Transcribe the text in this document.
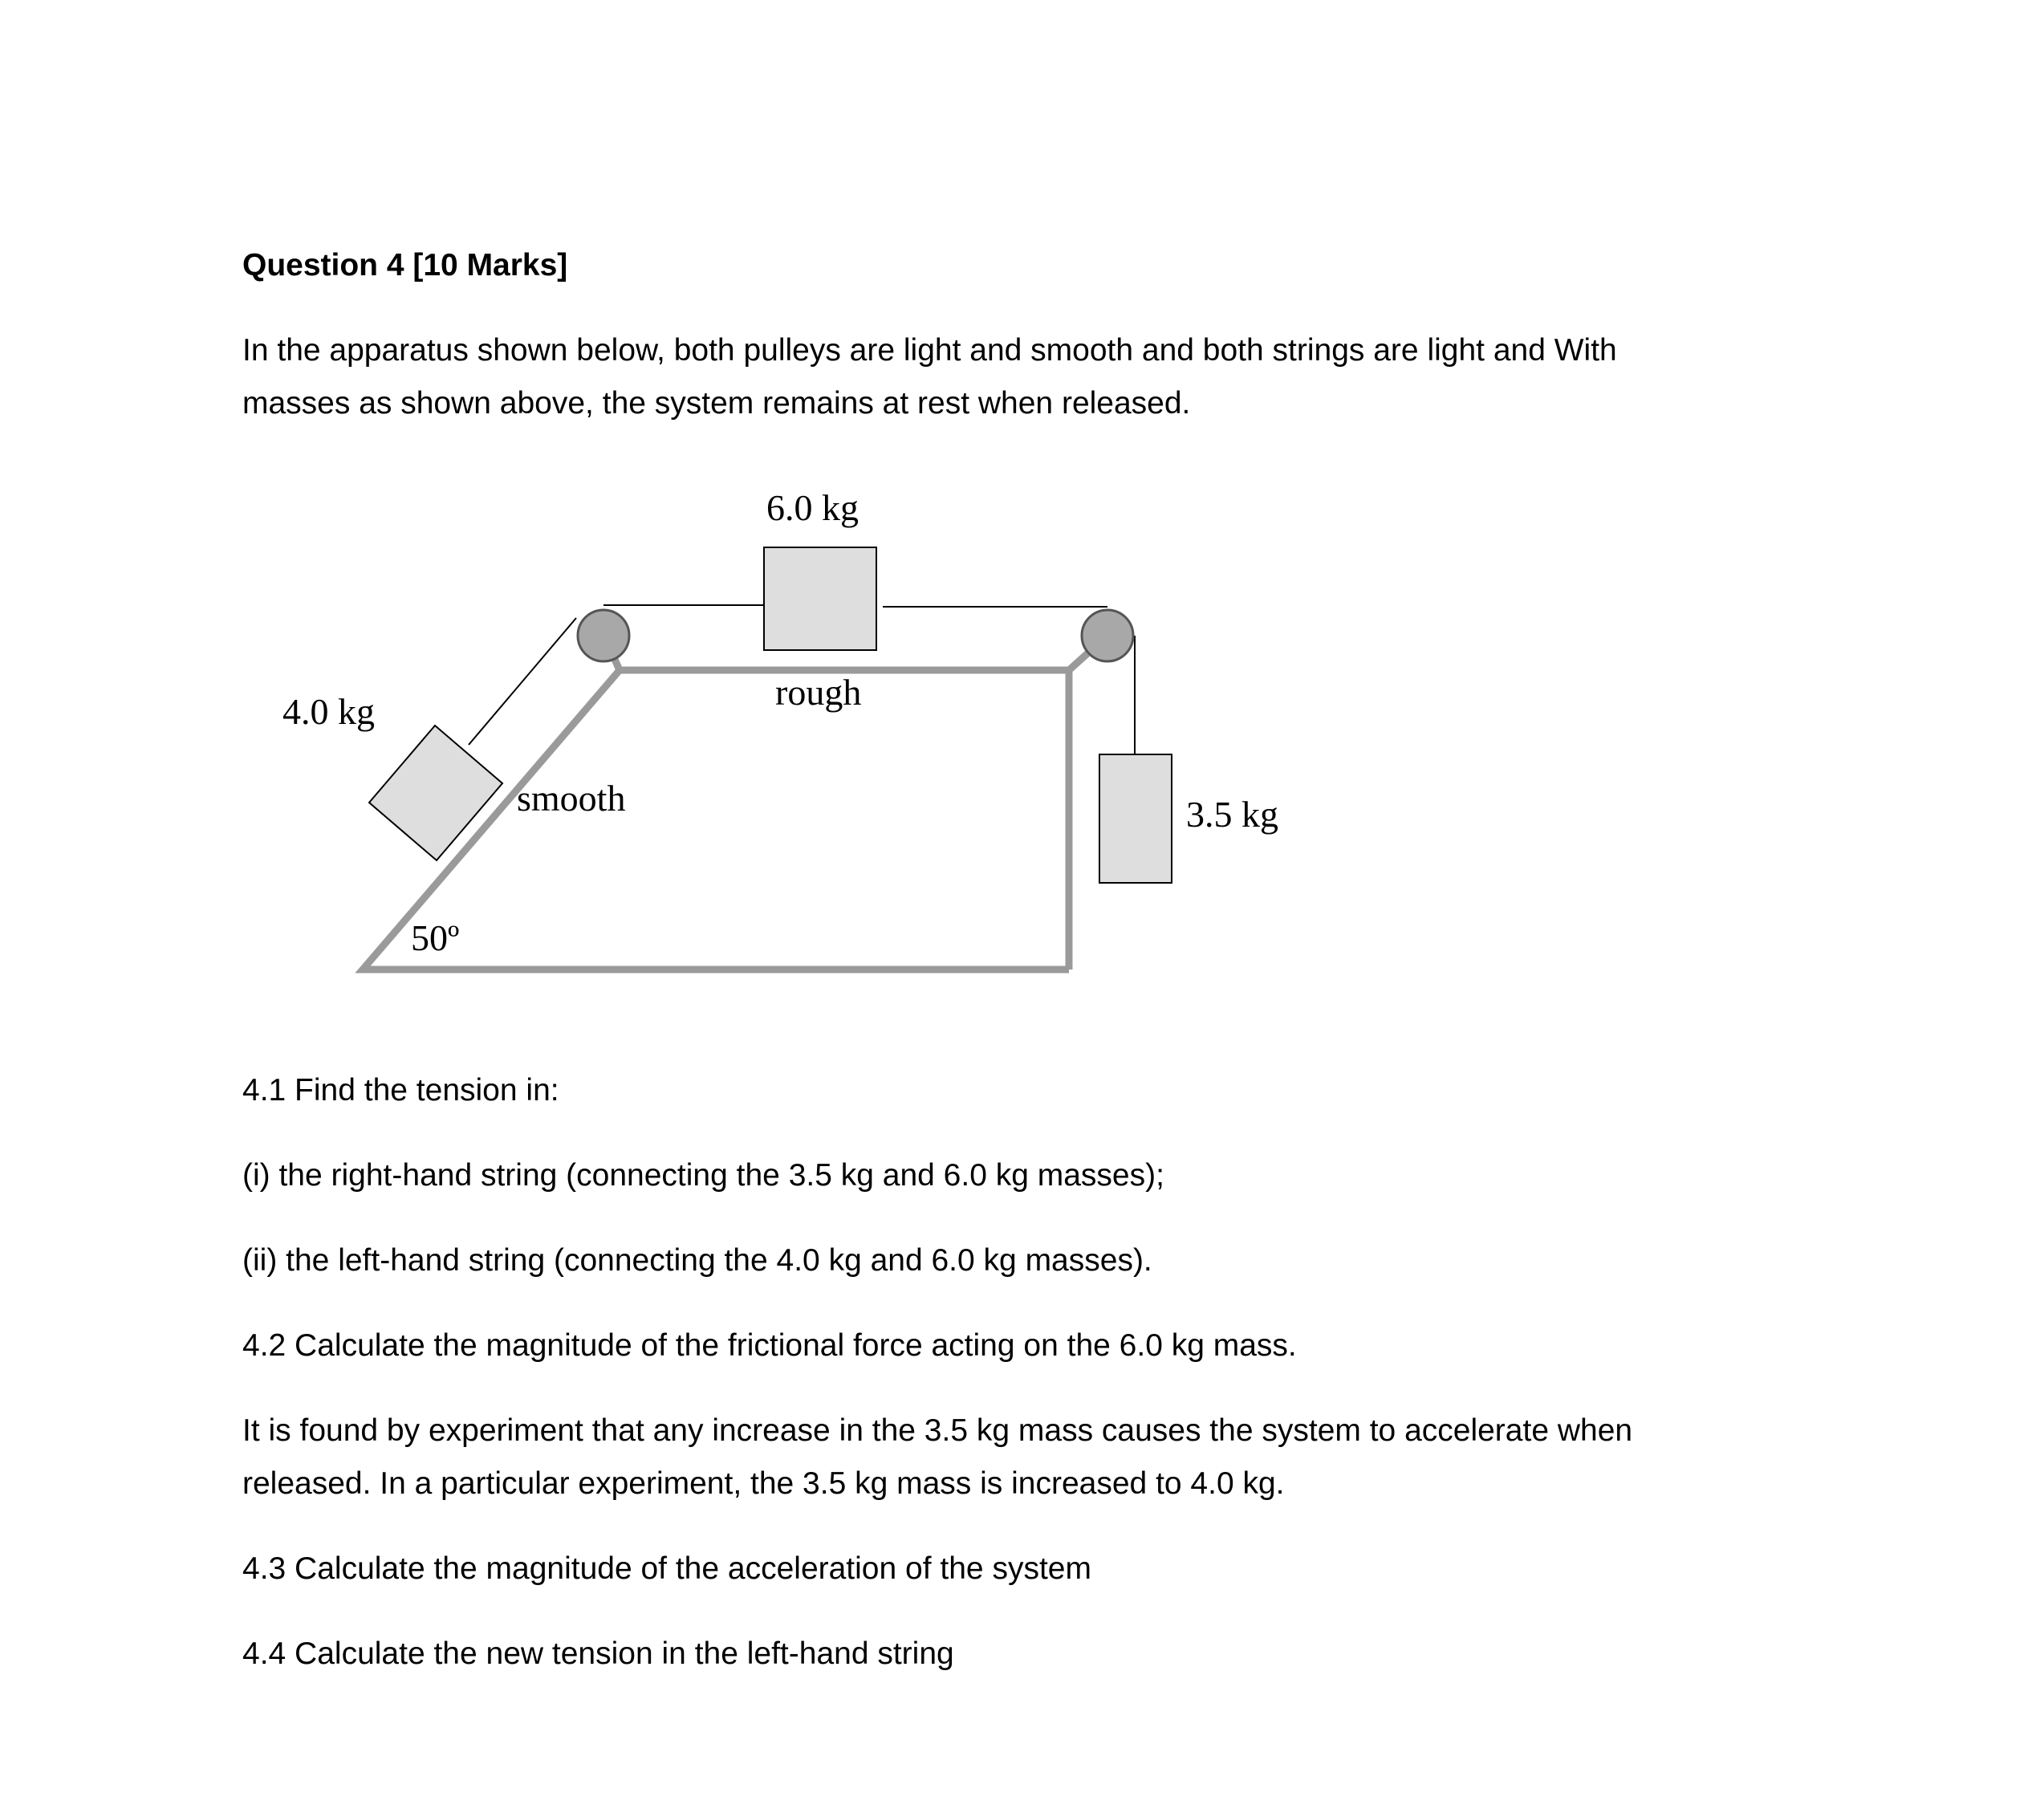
Question 4 [10 Marks]

In the apparatus shown below, both pulleys are light and smooth and both strings are light and With

masses as shown above, the system remains at rest when released.

6.0 kg
4.0 kg
3.5 kg
rough
smooth
50º

4.1 Find the tension in:

(i) the right-hand string (connecting the 3.5 kg and 6.0 kg masses);

(ii) the left-hand string (connecting the 4.0 kg and 6.0 kg masses).

4.2 Calculate the magnitude of the frictional force acting on the 6.0 kg mass.

It is found by experiment that any increase in the 3.5 kg mass causes the system to accelerate when

released. In a particular experiment, the 3.5 kg mass is increased to 4.0 kg.

4.3 Calculate the magnitude of the acceleration of the system

4.4 Calculate the new tension in the left-hand string
